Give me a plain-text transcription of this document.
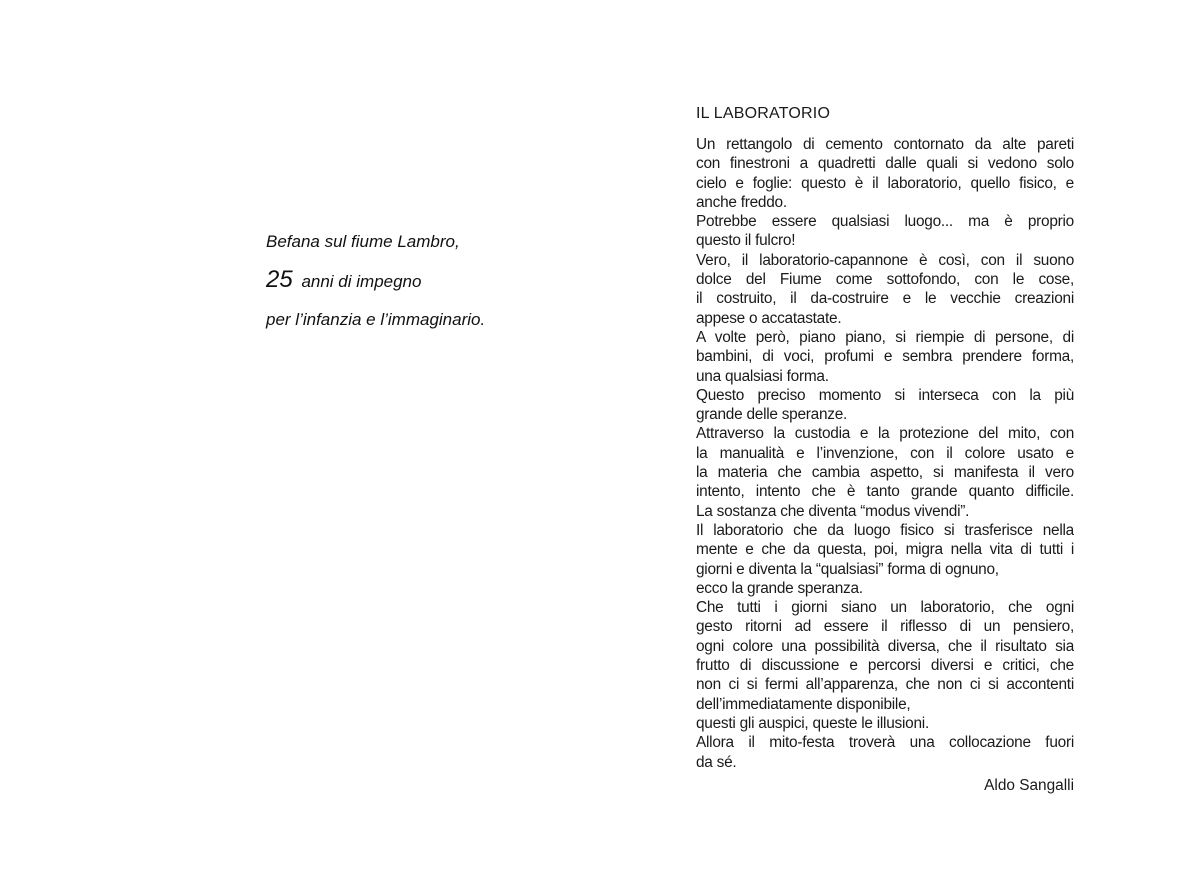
Befana sul fiume Lambro,
25 anni di impegno
per l’infanzia e l’immaginario.
IL LABORATORIO
Un rettangolo di cemento contornato da alte pareti
con finestroni a quadretti dalle quali si vedono solo
cielo e foglie: questo è il laboratorio, quello fisico, e
anche freddo.
Potrebbe essere qualsiasi luogo... ma è proprio
questo il fulcro!
Vero, il laboratorio-capannone è così, con il suono
dolce del Fiume come sottofondo, con le cose,
il costruito, il da-costruire e le vecchie creazioni
appese o accatastate.
A volte però, piano piano, si riempie di persone, di
bambini, di voci, profumi e sembra prendere forma,
una qualsiasi forma.
Questo preciso momento si interseca con la più
grande delle speranze.
Attraverso la custodia e la protezione del mito, con
la manualità e l’invenzione, con il colore usato e
la materia che cambia aspetto, si manifesta il vero
intento, intento che è tanto grande quanto difficile.
La sostanza che diventa “modus vivendi”.
Il laboratorio che da luogo fisico si trasferisce nella
mente e che da questa, poi, migra nella vita di tutti i
giorni e diventa la “qualsiasi” forma di ognuno,
ecco la grande speranza.
Che tutti i giorni siano un laboratorio, che ogni
gesto ritorni ad essere il riflesso di un pensiero,
ogni colore una possibilità diversa, che il risultato sia
frutto di discussione e percorsi diversi e critici, che
non ci si fermi all’apparenza, che non ci si accontenti
dell’immediatamente disponibile,
questi gli auspici, queste le illusioni.
Allora il mito-festa troverà una collocazione fuori
da sé.
Aldo Sangalli
